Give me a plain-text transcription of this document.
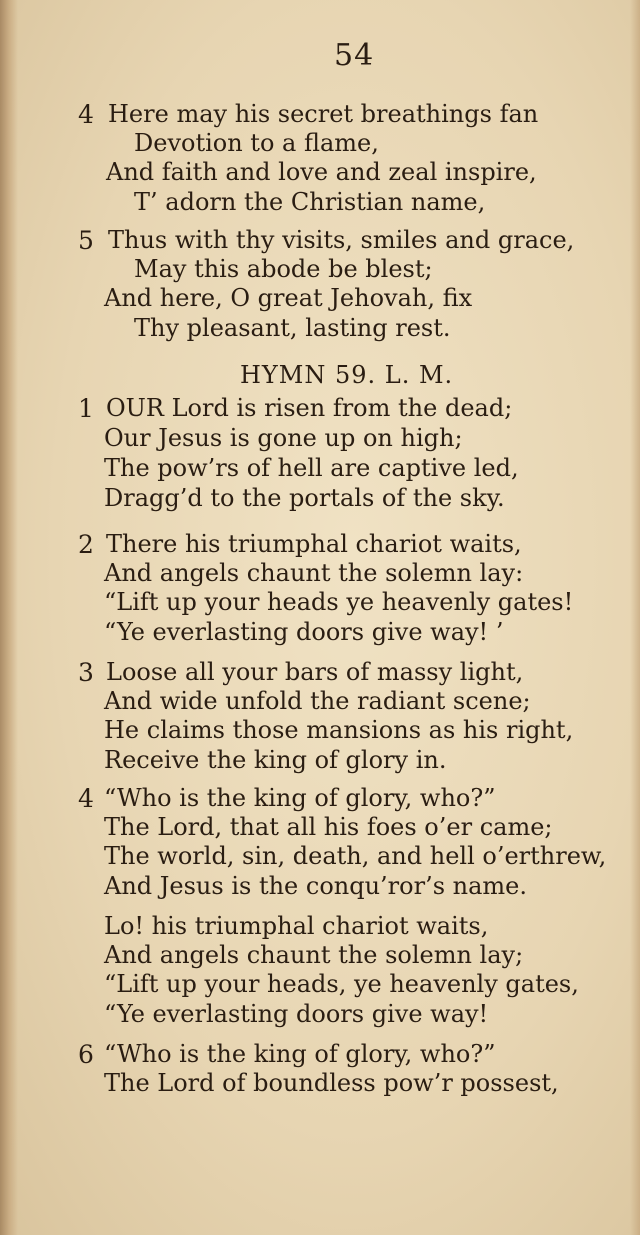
54
4 Here may his secret breathings fan
Devotion to a flame,
And faith and love and zeal inspire,
T’ adorn the Christian name,
5 Thus with thy visits, smiles and grace,
May this abode be blest;
And here, O great Jehovah, fix
Thy pleasant, lasting rest.
HYMN 59. L. M.
1 OUR Lord is risen from the dead;
Our Jesus is gone up on high;
The pow’rs of hell are captive led,
Dragg’d to the portals of the sky.
2 There his triumphal chariot waits,
And angels chaunt the solemn lay:
“Lift up your heads ye heavenly gates!
“Ye everlasting doors give way! ’
3 Loose all your bars of massy light,
And wide unfold the radiant scene;
He claims those mansions as his right,
Receive the king of glory in.
4 “Who is the king of glory, who?”
The Lord, that all his foes o’er came;
The world, sin, death, and hell o’erthrew,
And Jesus is the conqu’ror’s name.
Lo! his triumphal chariot waits,
And angels chaunt the solemn lay;
“Lift up your heads, ye heavenly gates,
“Ye everlasting doors give way!
6 “Who is the king of glory, who?”
The Lord of boundless pow’r possest,
